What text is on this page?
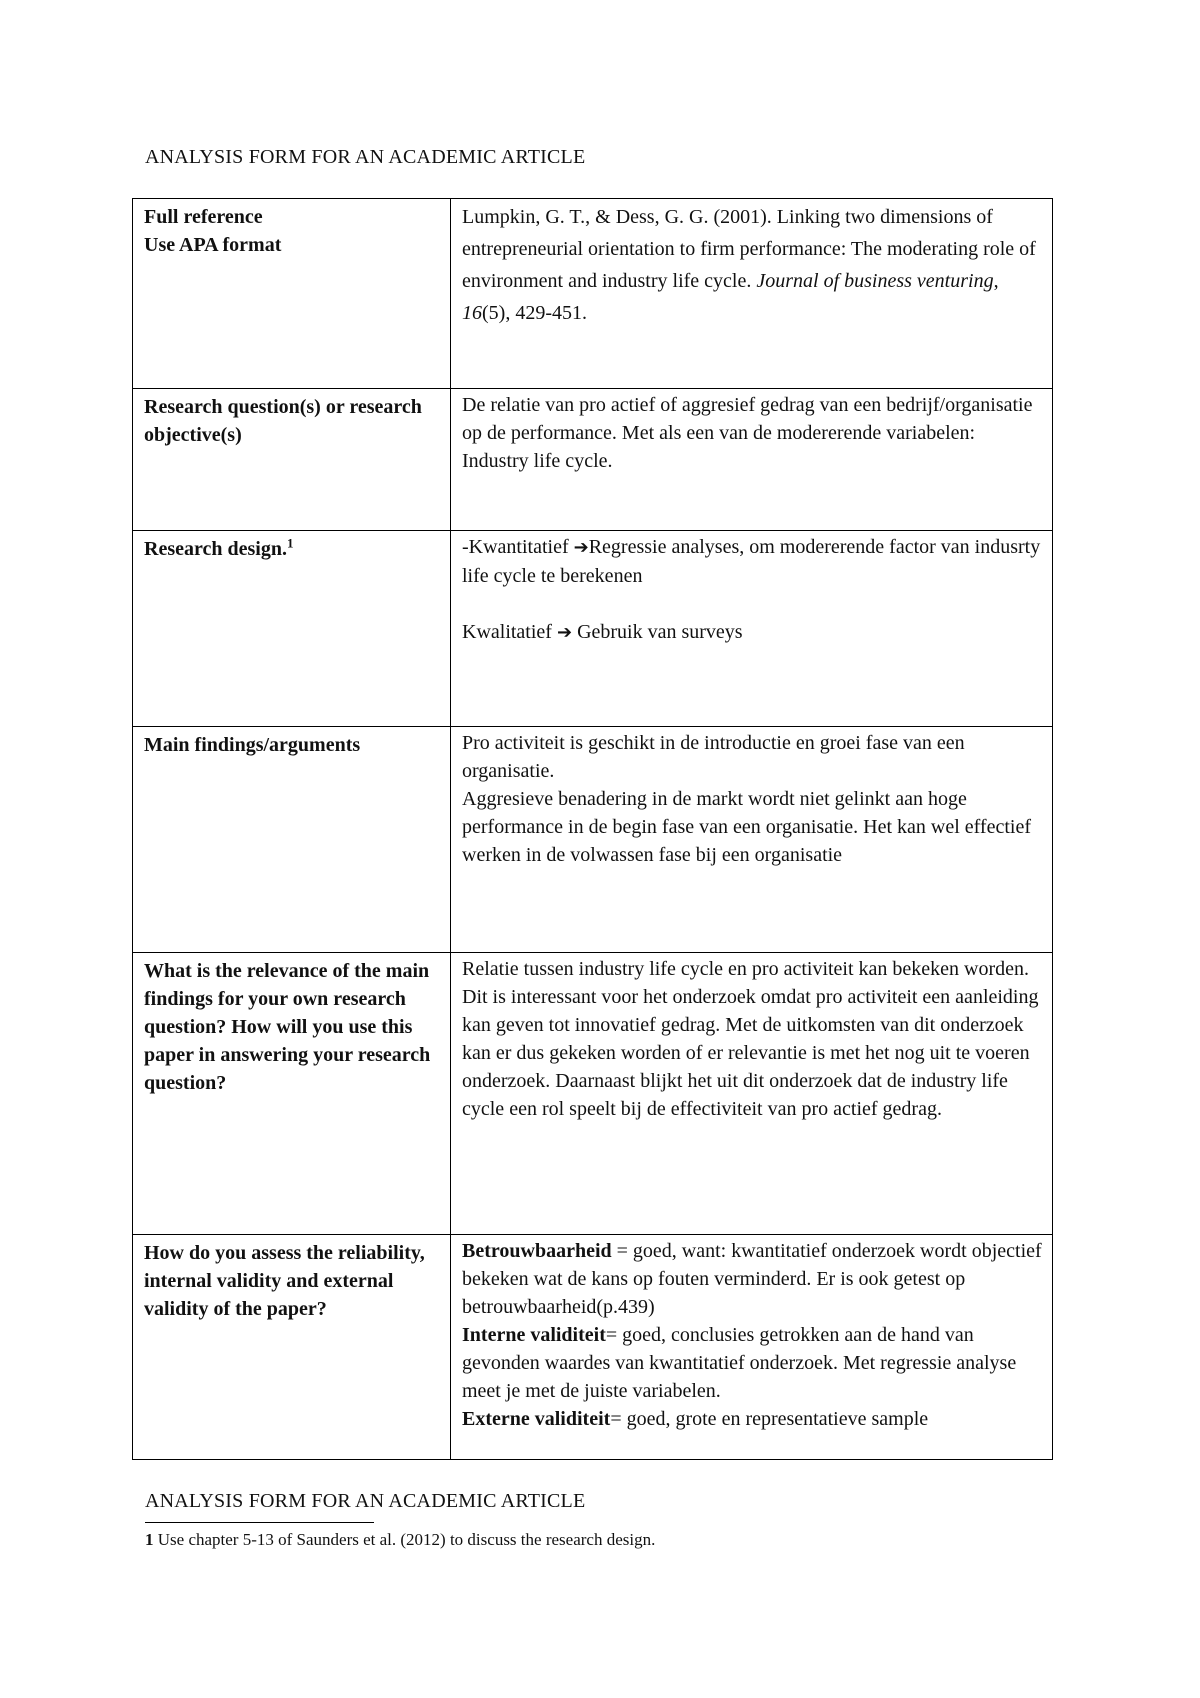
ANALYSIS FORM FOR AN ACADEMIC ARTICLE
Full reference
Use APA format	Lumpkin, G. T., & Dess, G. G. (2001). Linking two dimensions of entrepreneurial orientation to firm performance: The moderating role of environment and industry life cycle. Journal of business venturing, 16(5), 429-451.
Research question(s) or research objective(s)	De relatie van pro actief of aggresief gedrag van een bedrijf/organisatie op de performance. Met als een van de modererende variabelen: Industry life cycle.
Research design.$^1$	-Kwantitatief ➔Regressie analyses, om modererende factor van indusrty life cycle te berekenen
Kwalitatief ➔ Gebruik van surveys
Main findings/arguments	Pro activiteit is geschikt in de introductie en groei fase van een organisatie.
Aggresieve benadering in de markt wordt niet gelinkt aan hoge performance in de begin fase van een organisatie. Het kan wel effectief werken in de volwassen fase bij een organisatie

What is the relevance of the main findings for your own research question? How will you use this paper in answering your research question?	Relatie tussen industry life cycle en pro activiteit kan bekeken worden. Dit is interessant voor het onderzoek omdat pro activiteit een aanleiding kan geven tot innovatief gedrag. Met de uitkomsten van dit onderzoek kan er dus gekeken worden of er relevantie is met het nog uit te voeren onderzoek. Daarnaast blijkt het uit dit onderzoek dat de industry life cycle een rol speelt bij de effectiviteit van pro actief gedrag.
How do you assess the reliability, internal validity and external validity of the paper?	Betrouwbaarheid = goed, want: kwantitatief onderzoek wordt objectief bekeken wat de kans op fouten verminderd. Er is ook getest op betrouwbaarheid(p.439)
Interne validiteit= goed, conclusies getrokken aan de hand van gevonden waardes van kwantitatief onderzoek. Met regressie analyse meet je met de juiste variabelen.
Externe validiteit= goed, grote en representatieve sample
ANALYSIS FORM FOR AN ACADEMIC ARTICLE
1 Use chapter 5-13 of Saunders et al. (2012) to discuss the research design.
